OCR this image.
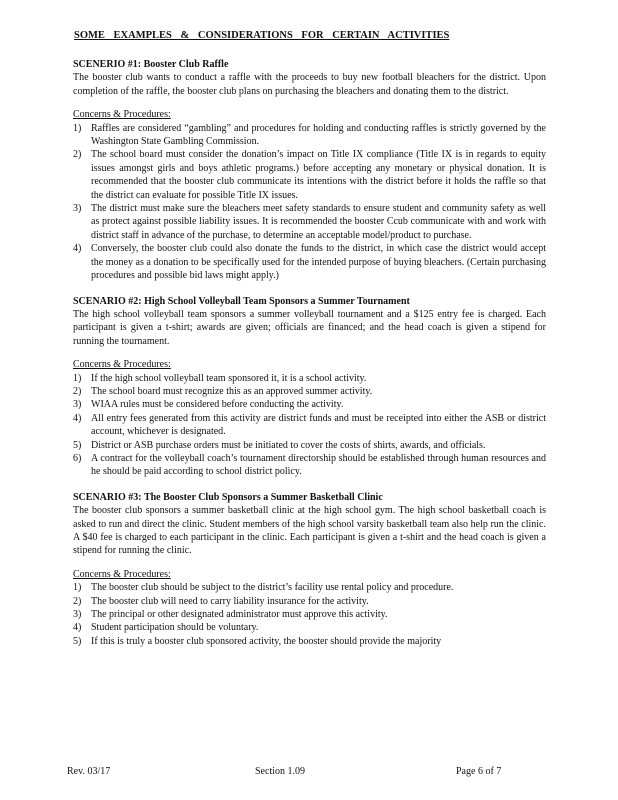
SOME EXAMPLES & CONSIDERATIONS FOR CERTAIN ACTIVITIES

SCENERIO #1: Booster Club Raffle

The booster club wants to conduct a raffle with the proceeds to buy new football bleachers for the district. Upon completion of the raffle, the booster club plans on purchasing the bleachers and donating them to the district.

Concerns & Procedures:

1) Raffles are considered “gambling” and procedures for holding and conducting raffles is strictly governed by the Washington State Gambling Commission.
2) The school board must consider the donation’s impact on Title IX compliance (Title IX is in regards to equity issues amongst girls and boys athletic programs.) before accepting any monetary or physical donation. It is recommended that the booster club communicate its intentions with the district before it holds the raffle so that the district can evaluate for possible Title IX issues.
3) The district must make sure the bleachers meet safety standards to ensure student and community safety as well as protect against possible liability issues. It is recommended the booster Ccub communicate with and work with district staff in advance of the purchase, to determine an acceptable model/product to purchase.
4) Conversely, the booster club could also donate the funds to the district, in which case the district would accept the money as a donation to be specifically used for the intended purpose of buying bleachers. (Certain purchasing procedures and possible bid laws might apply.)

SCENARIO #2: High School Volleyball Team Sponsors a Summer Tournament

The high school volleyball team sponsors a summer volleyball tournament and a $125 entry fee is charged. Each participant is given a t-shirt; awards are given; officials are financed; and the head coach is given a stipend for running the tournament.

Concerns & Procedures:

1) If the high school volleyball team sponsored it, it is a school activity.
2) The school board must recognize this as an approved summer activity.
3) WIAA rules must be considered before conducting the activity.
4) All entry fees generated from this activity are district funds and must be receipted into either the ASB or district account, whichever is designated.
5) District or ASB purchase orders must be initiated to cover the costs of shirts, awards, and officials.
6) A contract for the volleyball coach’s tournament directorship should be established through human resources and he should be paid according to school district policy.

SCENARIO #3: The Booster Club Sponsors a Summer Basketball Clinic

The booster club sponsors a summer basketball clinic at the high school gym. The high school basketball coach is asked to run and direct the clinic. Student members of the high school varsity basketball team also help run the clinic. A $40 fee is charged to each participant in the clinic. Each participant is given a t-shirt and the head coach is given a stipend for running the clinic.

Concerns & Procedures:

1) The booster club should be subject to the district’s facility use rental policy and procedure.
2) The booster club will need to carry liability insurance for the activity.
3) The principal or other designated administrator must approve this activity.
4) Student participation should be voluntary.
5) If this is truly a booster club sponsored activity, the booster should provide the majority
Rev. 03/17	Section 1.09	Page 6 of 7
